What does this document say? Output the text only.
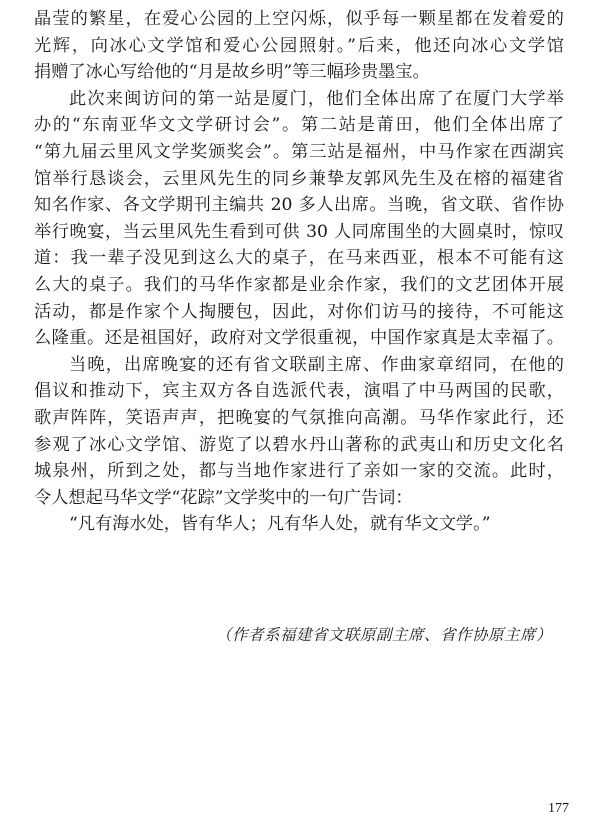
晶莹的繁星，在爱心公园的上空闪烁，似乎每一颗星都在发着爱的
光辉，向冰心文学馆和爱心公园照射。”后来，他还向冰心文学馆
捐赠了冰心写给他的“月是故乡明”等三幅珍贵墨宝。
此次来闽访问的第一站是厦门，他们全体出席了在厦门大学举
办的“东南亚华文文学研讨会”。第二站是莆田，他们全体出席了
“第九届云里风文学奖颁奖会”。第三站是福州，中马作家在西湖宾
馆举行恳谈会，云里风先生的同乡兼挚友郭风先生及在榕的福建省
知名作家、各文学期刊主编共 20 多人出席。当晚，省文联、省作协
举行晚宴，当云里风先生看到可供 30 人同席围坐的大圆桌时，惊叹
道：我一辈子没见到这么大的桌子，在马来西亚，根本不可能有这
么大的桌子。我们的马华作家都是业余作家，我们的文艺团体开展
活动，都是作家个人掏腰包，因此，对你们访马的接待，不可能这
么隆重。还是祖国好，政府对文学很重视，中国作家真是太幸福了。
当晚，出席晚宴的还有省文联副主席、作曲家章绍同，在他的
倡议和推动下，宾主双方各自选派代表，演唱了中马两国的民歌，
歌声阵阵，笑语声声，把晚宴的气氛推向高潮。马华作家此行，还
参观了冰心文学馆、游览了以碧水丹山著称的武夷山和历史文化名
城泉州，所到之处，都与当地作家进行了亲如一家的交流。此时，
令人想起马华文学“花踪”文学奖中的一句广告词：
“凡有海水处，皆有华人；凡有华人处，就有华文文学。”
（作者系福建省文联原副主席、省作协原主席）
177
